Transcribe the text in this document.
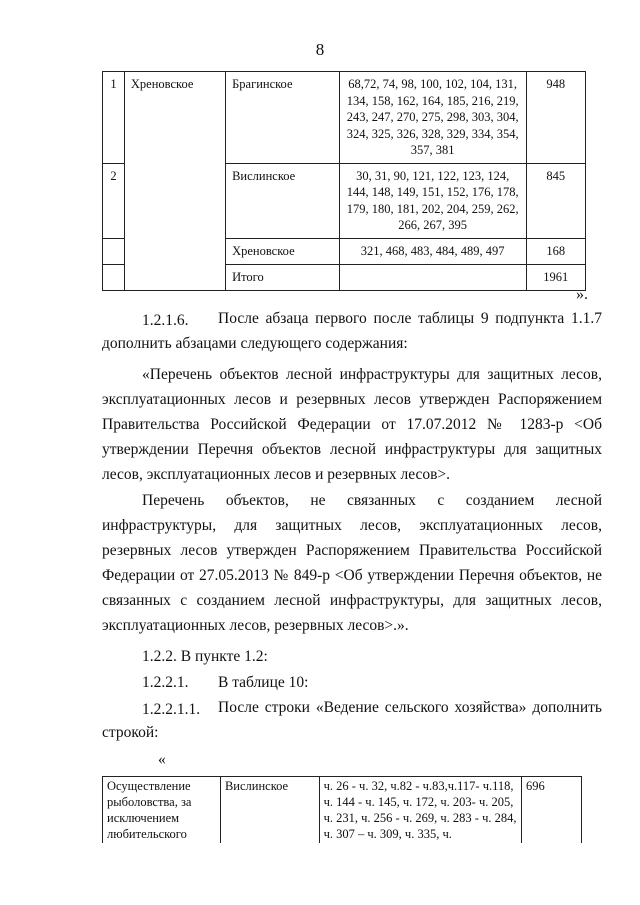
8
1	Хреновское	Брагинское	68,72, 74, 98, 100, 102, 104, 131, 134, 158, 162, 164, 185, 216, 219, 243, 247, 270, 275, 298, 303, 304, 324, 325, 326, 328, 329, 334, 354, 357, 381	948
2		Вислинское	30, 31, 90, 121, 122, 123, 124, 144, 148, 149, 151, 152, 176, 178, 179, 180, 181, 202, 204, 259, 262, 266, 267, 395	845
		Хреновское	321, 468, 483, 484, 489, 497	168
		Итого		1961
».
1.2.1.6.	После абзаца первого после таблицы 9 подпункта 1.1.7 дополнить абзацами следующего содержания:
«Перечень объектов лесной инфраструктуры для защитных лесов, эксплуатационных лесов и резервных лесов утвержден Распоряжением Правительства Российской Федерации от 17.07.2012 № 1283-р <Об утверждении Перечня объектов лесной инфраструктуры для защитных лесов, эксплуатационных лесов и резервных лесов>.
Перечень объектов, не связанных с созданием лесной инфраструктуры, для защитных лесов, эксплуатационных лесов, резервных лесов утвержден Распоряжением Правительства Российской Федерации от 27.05.2013 № 849-р <Об утверждении Перечня объектов, не связанных с созданием лесной инфраструктуры, для защитных лесов, эксплуатационных лесов, резервных лесов>.».
1.2.2. В пункте 1.2:
1.2.2.1. В таблице 10:
1.2.2.1.1.	После строки «Ведение сельского хозяйства» дополнить строкой:
«
Осуществление рыболовства, за исключением любительского	Вислинское	ч. 26 - ч. 32, ч.82 - ч.83,ч.117- ч.118, ч. 144 - ч. 145, ч. 172, ч. 203- ч. 205, ч. 231, ч. 256 - ч. 269, ч. 283 - ч. 284, ч. 307 – ч. 309, ч. 335, ч.	696
